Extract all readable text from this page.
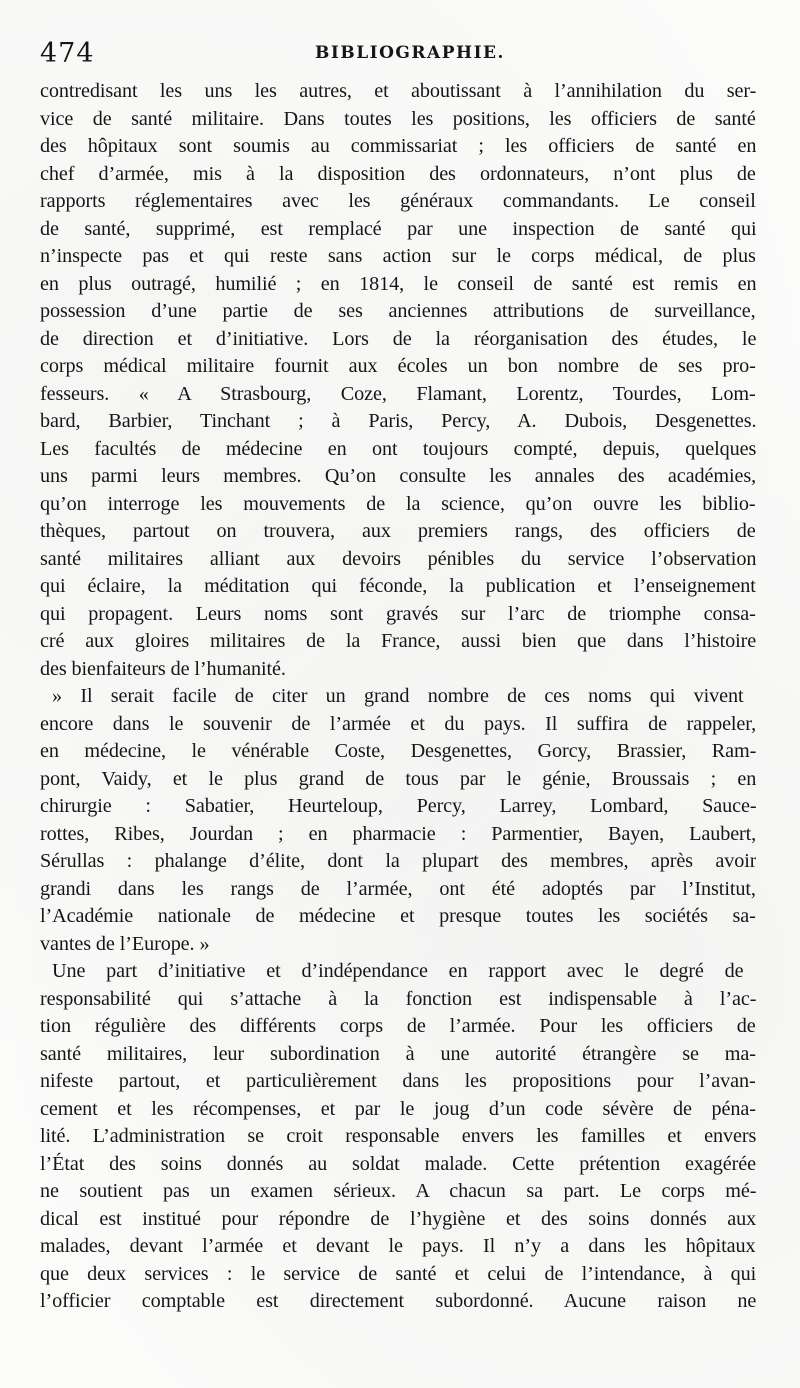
474	BIBLIOGRAPHIE.
contredisant les uns les autres, et aboutissant à l’annihilation du ser-
vice de santé militaire. Dans toutes les positions, les officiers de santé
des hôpitaux sont soumis au commissariat ; les officiers de santé en
chef d’armée, mis à la disposition des ordonnateurs, n’ont plus de
rapports réglementaires avec les généraux commandants. Le conseil
de santé, supprimé, est remplacé par une inspection de santé qui
n’inspecte pas et qui reste sans action sur le corps médical, de plus
en plus outragé, humilié ; en 1814, le conseil de santé est remis en
possession d’une partie de ses anciennes attributions de surveillance,
de direction et d’initiative. Lors de la réorganisation des études, le
corps médical militaire fournit aux écoles un bon nombre de ses pro-
fesseurs. « A Strasbourg, Coze, Flamant, Lorentz, Tourdes, Lom-
bard, Barbier, Tinchant ; à Paris, Percy, A. Dubois, Desgenettes.
Les facultés de médecine en ont toujours compté, depuis, quelques
uns parmi leurs membres. Qu’on consulte les annales des académies,
qu’on interroge les mouvements de la science, qu’on ouvre les biblio-
thèques, partout on trouvera, aux premiers rangs, des officiers de
santé militaires alliant aux devoirs pénibles du service l’observation
qui éclaire, la méditation qui féconde, la publication et l’enseignement
qui propagent. Leurs noms sont gravés sur l’arc de triomphe consa-
cré aux gloires militaires de la France, aussi bien que dans l’histoire
des bienfaiteurs de l’humanité.
» Il serait facile de citer un grand nombre de ces noms qui vivent
encore dans le souvenir de l’armée et du pays. Il suffira de rappeler,
en médecine, le vénérable Coste, Desgenettes, Gorcy, Brassier, Ram-
pont, Vaidy, et le plus grand de tous par le génie, Broussais ; en
chirurgie : Sabatier, Heurteloup, Percy, Larrey, Lombard, Sauce-
rottes, Ribes, Jourdan ; en pharmacie : Parmentier, Bayen, Laubert,
Sérullas : phalange d’élite, dont la plupart des membres, après avoir
grandi dans les rangs de l’armée, ont été adoptés par l’Institut,
l’Académie nationale de médecine et presque toutes les sociétés sa-
vantes de l’Europe. »
Une part d’initiative et d’indépendance en rapport avec le degré de
responsabilité qui s’attache à la fonction est indispensable à l’ac-
tion régulière des différents corps de l’armée. Pour les officiers de
santé militaires, leur subordination à une autorité étrangère se ma-
nifeste partout, et particulièrement dans les propositions pour l’avan-
cement et les récompenses, et par le joug d’un code sévère de péna-
lité. L’administration se croit responsable envers les familles et envers
l’État des soins donnés au soldat malade. Cette prétention exagérée
ne soutient pas un examen sérieux. A chacun sa part. Le corps mé-
dical est institué pour répondre de l’hygiène et des soins donnés aux
malades, devant l’armée et devant le pays. Il n’y a dans les hôpitaux
que deux services : le service de santé et celui de l’intendance, à qui
l’officier comptable est directement subordonné. Aucune raison ne
